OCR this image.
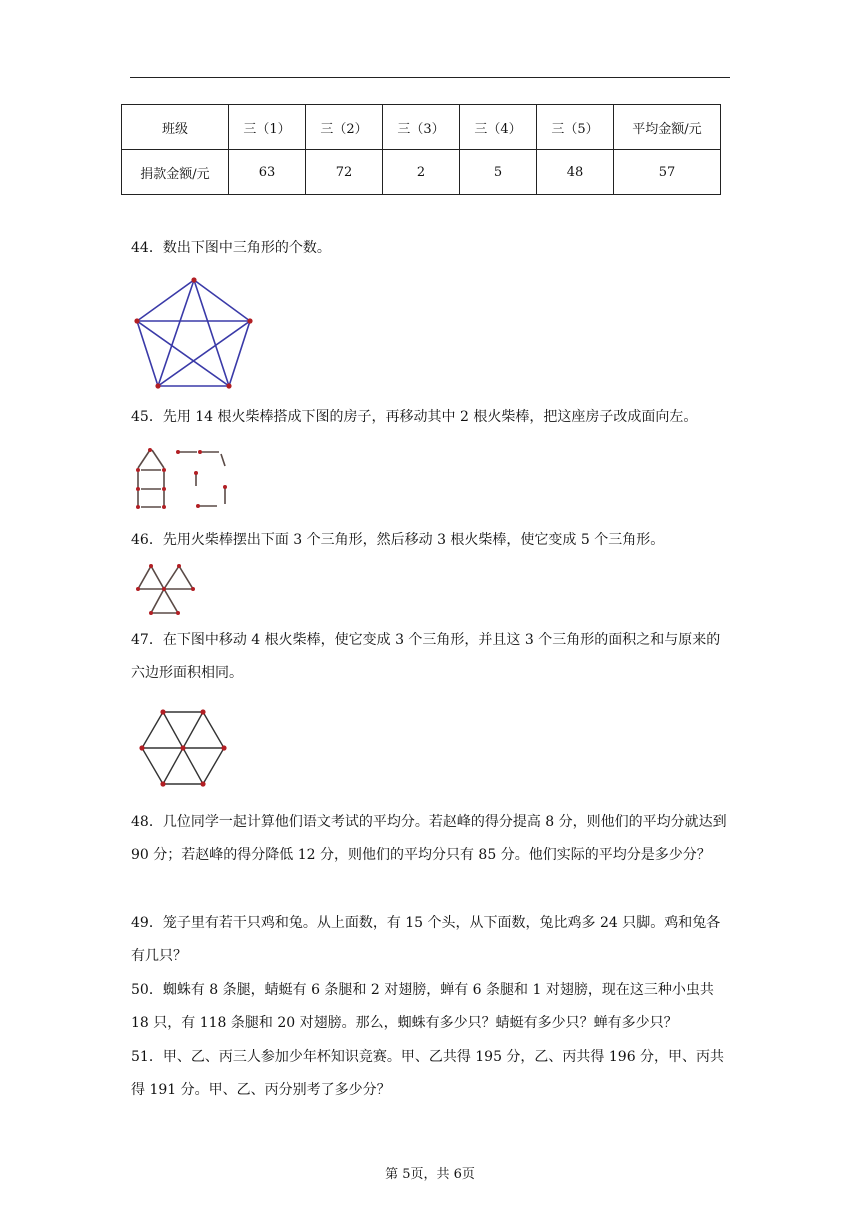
班级	三（1）	三（2）	三（3）	三（4）	三（5）	平均金额/元
捐款金额/元	63	72	2	5	48	57

44．数出下图中三角形的个数。

45．先用 14 根火柴棒搭成下图的房子，再移动其中 2 根火柴棒，把这座房子改成面向左。

46．先用火柴棒摆出下面 3 个三角形，然后移动 3 根火柴棒，使它变成 5 个三角形。

47．在下图中移动 4 根火柴棒，使它变成 3 个三角形，并且这 3 个三角形的面积之和与原来的六边形面积相同。

48．几位同学一起计算他们语文考试的平均分。若赵峰的得分提高 8 分，则他们的平均分就达到 90 分；若赵峰的得分降低 12 分，则他们的平均分只有 85 分。他们实际的平均分是多少分？

49．笼子里有若干只鸡和兔。从上面数，有 15 个头，从下面数，兔比鸡多 24 只脚。鸡和兔各有几只？

50．蜘蛛有 8 条腿，蜻蜓有 6 条腿和 2 对翅膀，蝉有 6 条腿和 1 对翅膀，现在这三种小虫共 18 只，有 118 条腿和 20 对翅膀。那么，蜘蛛有多少只？蜻蜓有多少只？蝉有多少只？

51．甲、乙、丙三人参加少年杯知识竞赛。甲、乙共得 195 分，乙、丙共得 196 分，甲、丙共得 191 分。甲、乙、丙分别考了多少分？

第 5页，共 6页
